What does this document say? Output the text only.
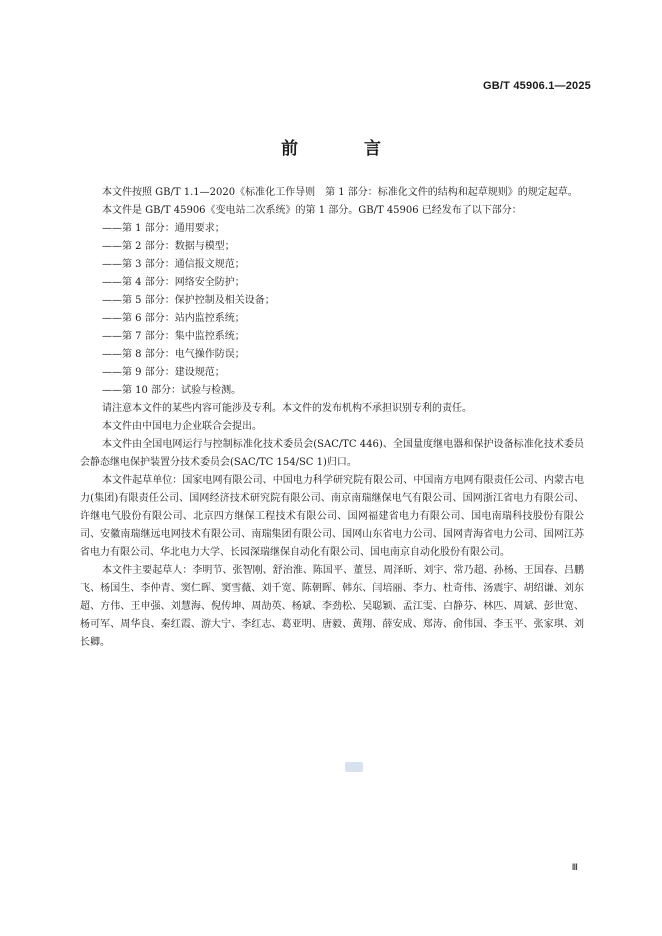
GB/T 45906.1—2025
前 言

本文件按照 GB/T 1.1—2020《标准化工作导则　第 1 部分：标准化文件的结构和起草规则》的规定起草。

本文件是 GB/T 45906《变电站二次系统》的第 1 部分。GB/T 45906 已经发布了以下部分：

——第 1 部分：通用要求；

——第 2 部分：数据与模型；

——第 3 部分：通信报文规范；

——第 4 部分：网络安全防护；

——第 5 部分：保护控制及相关设备；

——第 6 部分：站内监控系统；

——第 7 部分：集中监控系统；

——第 8 部分：电气操作防误；

——第 9 部分：建设规范；

——第 10 部分：试验与检测。

请注意本文件的某些内容可能涉及专利。本文件的发布机构不承担识别专利的责任。

本文件由中国电力企业联合会提出。

本文件由全国电网运行与控制标准化技术委员会(SAC/TC 446)、全国量度继电器和保护设备标准化技术委员会静态继电保护装置分技术委员会(SAC/TC 154/SC 1)归口。

本文件起草单位：国家电网有限公司、中国电力科学研究院有限公司、中国南方电网有限责任公司、内蒙古电力(集团)有限责任公司、国网经济技术研究院有限公司、南京南瑞继保电气有限公司、国网浙江省电力有限公司、许继电气股份有限公司、北京四方继保工程技术有限公司、国网福建省电力有限公司、国电南瑞科技股份有限公司、安徽南瑞继远电网技术有限公司、南瑞集团有限公司、国网山东省电力公司、国网青海省电力公司、国网江苏省电力有限公司、华北电力大学、长园深瑞继保自动化有限公司、国电南京自动化股份有限公司。

本文件主要起草人：李明节、张智刚、舒治淮、陈国平、董昱、周泽昕、刘宇、常乃超、孙杨、王国春、吕鹏飞、杨国生、李仲青、窦仁晖、窦雪薇、刘千宽、陈朝晖、韩东、闫培丽、李力、杜奇伟、汤震宇、胡绍谦、刘东超、方伟、王申强、刘慧海、倪传坤、周劼英、杨斌、李劲松、吴聪颖、孟江雯、白静芬、林匹、周斌、彭世宽、杨可军、周华良、秦红霞、游大宁、李红志、葛亚明、唐毅、黄翔、薛安成、郑涛、俞伟国、李玉平、张家琪、刘长卿。

Ⅲ
